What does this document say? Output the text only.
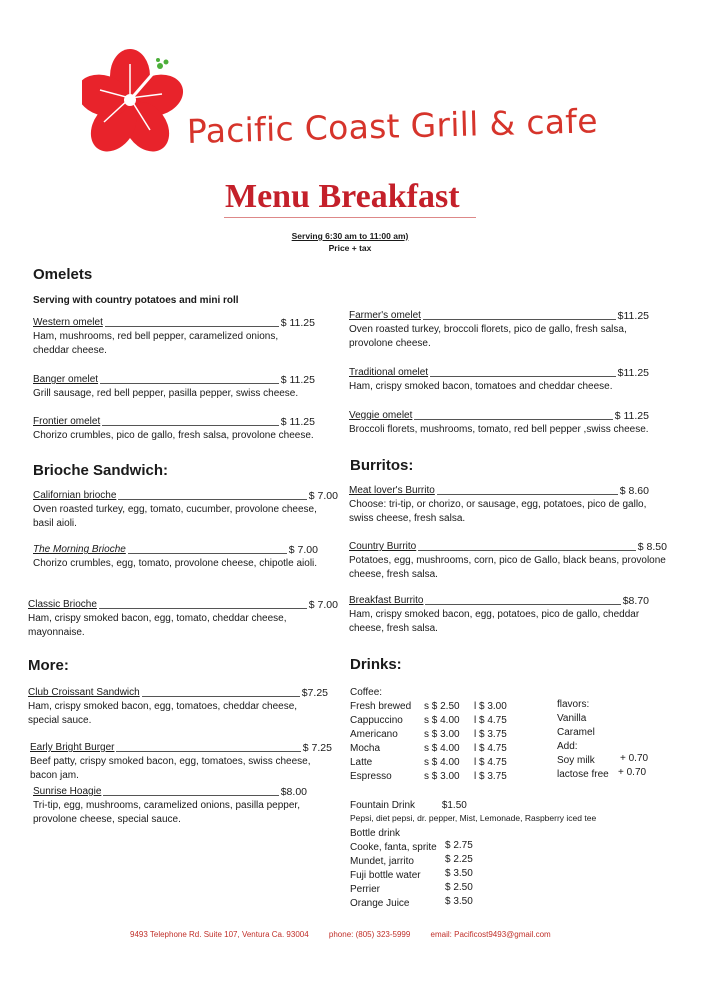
Pacific Coast Grill & cafe
Menu Breakfast
Serving 6:30 am to 11:00 am)
Price + tax
Omelets
Serving with country potatoes and mini roll
Western omelet	$ 11.25
Ham, mushrooms, red bell pepper, caramelized onions, cheddar cheese.
Banger omelet	$ 11.25
Grill sausage, red bell pepper, pasilla pepper, swiss cheese.
Frontier omelet	$ 11.25
Chorizo crumbles, pico de gallo, fresh salsa, provolone cheese.
Farmer's omelet	$11.25
Oven roasted turkey, broccoli florets, pico de gallo, fresh salsa, provolone cheese.
Traditional omelet	$11.25
Ham, crispy smoked bacon, tomatoes and cheddar cheese.
Veggie omelet	$ 11.25
Broccoli florets, mushrooms, tomato, red bell pepper ,swiss cheese.
Brioche Sandwich:
Californian brioche	$ 7.00
Oven roasted turkey, egg, tomato, cucumber, provolone cheese, basil aioli.
The Morning Brioche	$ 7.00
Chorizo crumbles, egg, tomato, provolone cheese, chipotle aioli.
Classic Brioche	$ 7.00
Ham, crispy smoked bacon, egg, tomato, cheddar cheese, mayonnaise.
Burritos:
Meat lover's Burrito	$ 8.60
Choose: tri-tip, or chorizo, or sausage, egg, potatoes, pico de gallo, swiss cheese, fresh salsa.
Country Burrito	$ 8.50
Potatoes, egg, mushrooms, corn, pico de Gallo, black beans, provolone cheese, fresh salsa.
Breakfast Burrito	$8.70
Ham, crispy smoked bacon, egg, potatoes, pico de gallo, cheddar cheese, fresh salsa.
More:
Club Croissant Sandwich	$7.25
Ham, crispy smoked bacon, egg, tomatoes, cheddar cheese, special sauce.
Early Bright Burger	$ 7.25
Beef patty, crispy smoked bacon, egg, tomatoes, swiss cheese, bacon jam.
Sunrise Hoagie	$8.00
Tri-tip, egg, mushrooms, caramelized onions, pasilla pepper, provolone cheese, special sauce.
Drinks:
Coffee:
Fresh brewed s $ 2.50 l $ 3.00
Cappuccino s $ 4.00 l $ 4.75
Americano	s $ 3.00 l $ 3.75
Mocha	s $ 4.00 l $ 4.75
Latte	s $ 4.00 l $ 4.75
Espresso	s $ 3.00 l $ 3.75
flavors:
Vanilla
Caramel
Add:
Soy milk	+ 0.70
lactose free + 0.70
Fountain Drink	$1.50
Pepsi, diet pepsi, dr. pepper, Mist, Lemonade, Raspberry iced tee
Bottle drink
Cooke, fanta, sprite $ 2.75
Mundet, jarrito	$ 2.25
Fuji bottle water $ 3.50
Perrier	$ 2.50
Orange Juice	$ 3.50
9493 Telephone Rd. Suite 107, Ventura Ca. 93004	phone: (805) 323-5999	email: Pacificost9493@gmail.com
